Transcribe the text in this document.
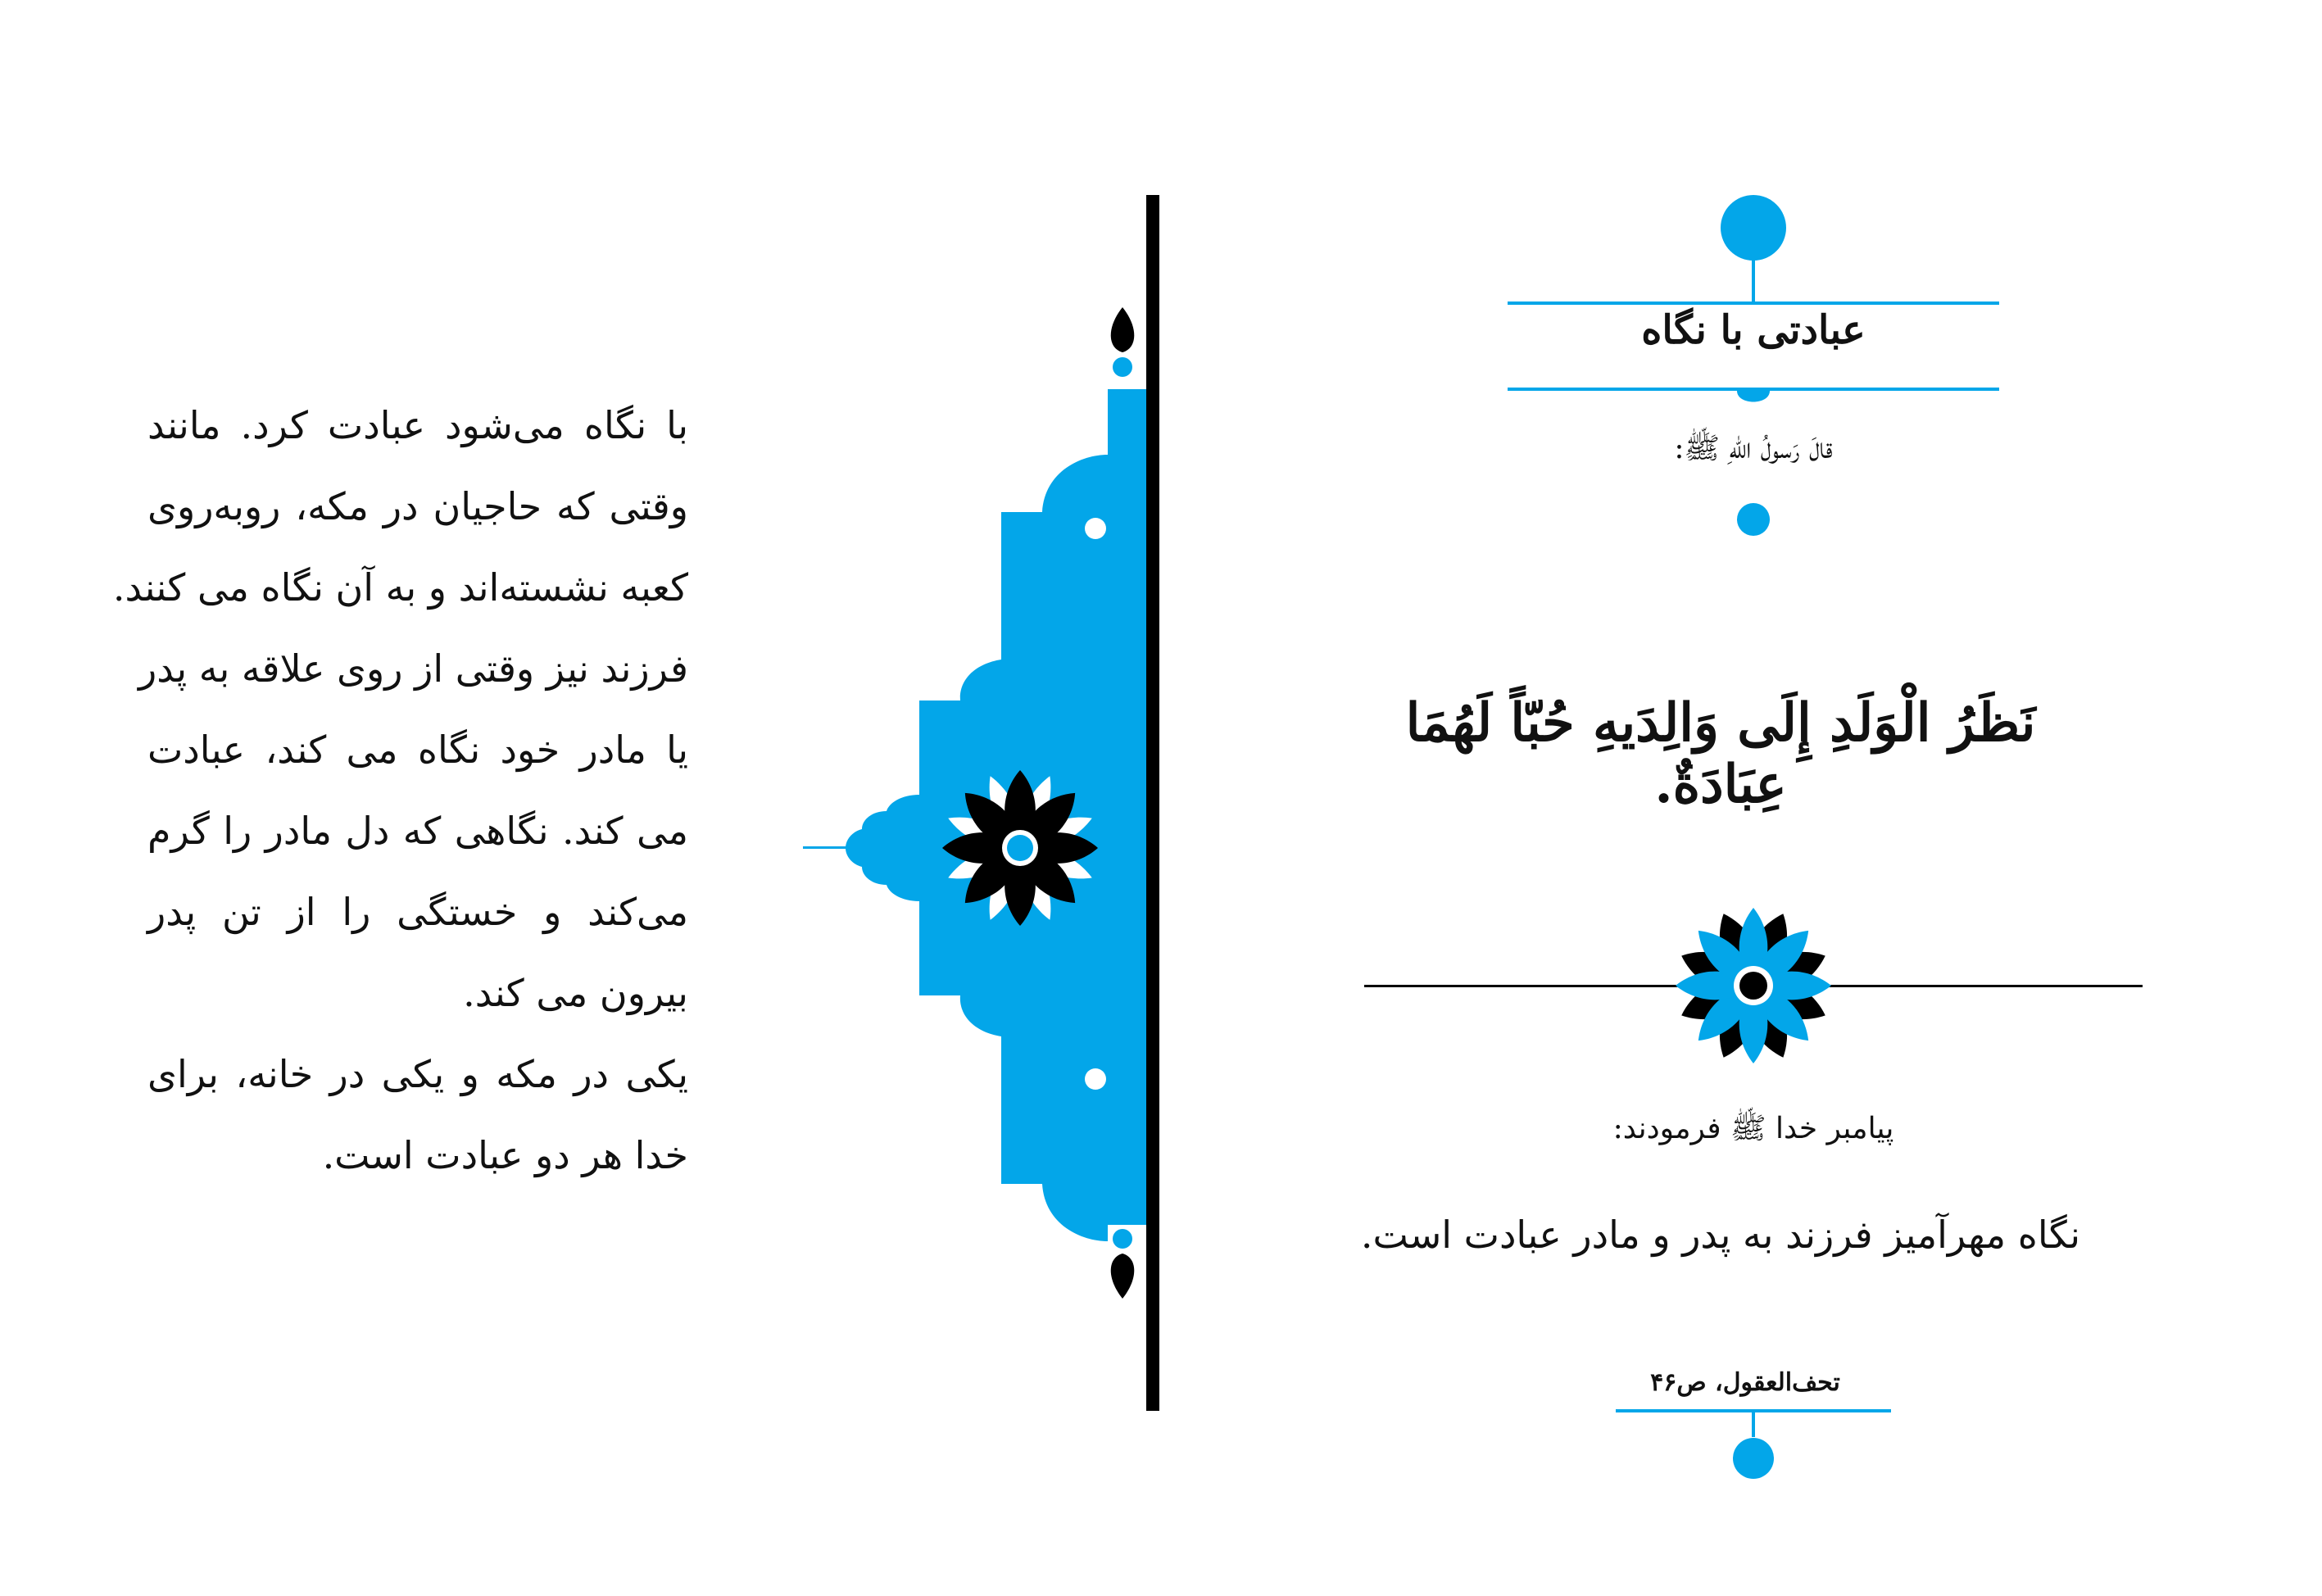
با نگاه می‌شود عبادت کرد. مانند
وقتی که حاجیان در مکه، روبه‌روی
کعبه نشسته‌اند و به آن نگاه می کنند.
فرزند نیز وقتی از روی علاقه به پدر
یا مادر خود نگاه می کند، عبادت
می کند. نگاهی که دل مادر را گرم
می‌کند و خستگی را از تن پدر
بیرون می کند.
یکی در مکه و یکی در خانه، برای
خدا هر دو عبادت است.
عبادتی با نگاه
قالَ رَسولُ اللهِ ﷺ:
نَظَرُ الْوَلَدِ إِلَى وَالِدَيهِ حُبّاً لَهُمَا عِبَادَةٌ.
پیامبر خدا ﷺ فرمودند:
نگاه مهرآمیز فرزند به پدر و مادر عبادت است.
تحف‌العقول، ص۴۶
